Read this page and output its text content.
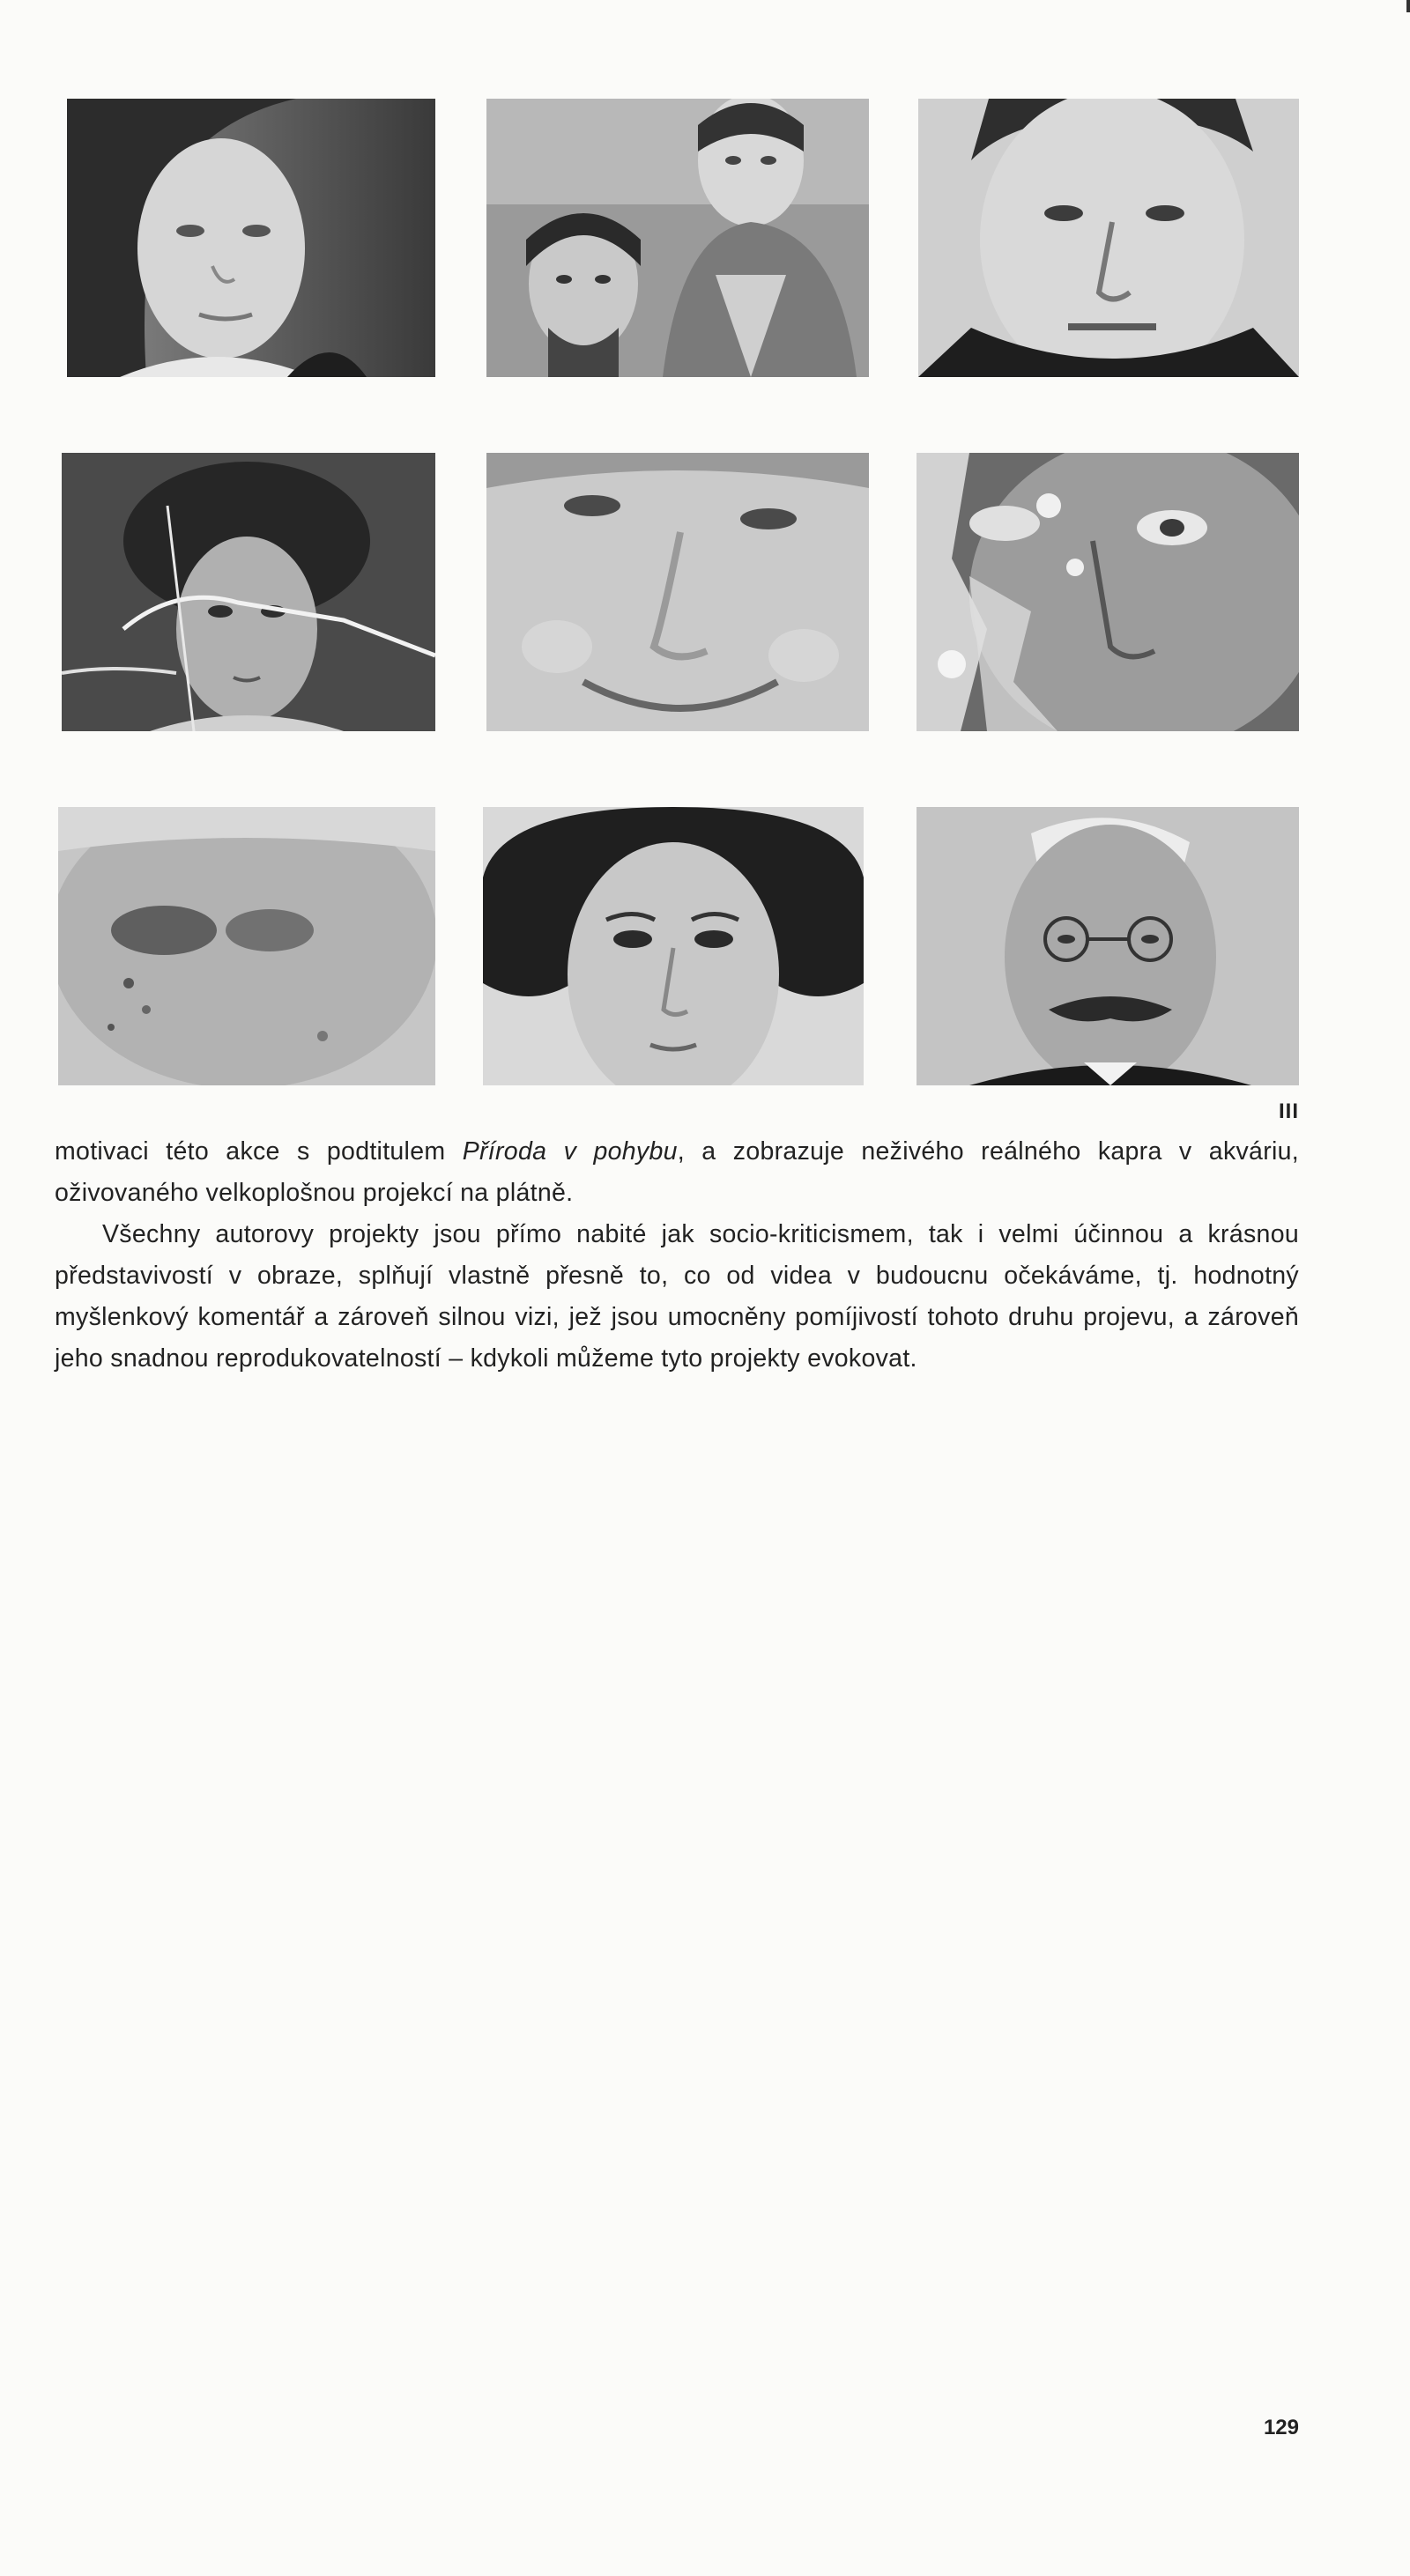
III

motivaci této akce s podtitulem Příroda v pohybu, a zobrazuje neživého reálného kapra v akváriu, oživovaného velkoplošnou projekcí na plátně.

Všechny autorovy projekty jsou přímo nabité jak socio-kriticismem, tak i velmi účinnou a krásnou představivostí v obraze, splňují vlastně přesně to, co od videa v budoucnu očekáváme, tj. hodnotný myšlenkový komentář a zároveň silnou vizi, jež jsou umocněny pomíjivostí tohoto druhu projevu, a zároveň jeho snadnou reprodukovatelností – kdykoli můžeme tyto projekty evokovat.

129
